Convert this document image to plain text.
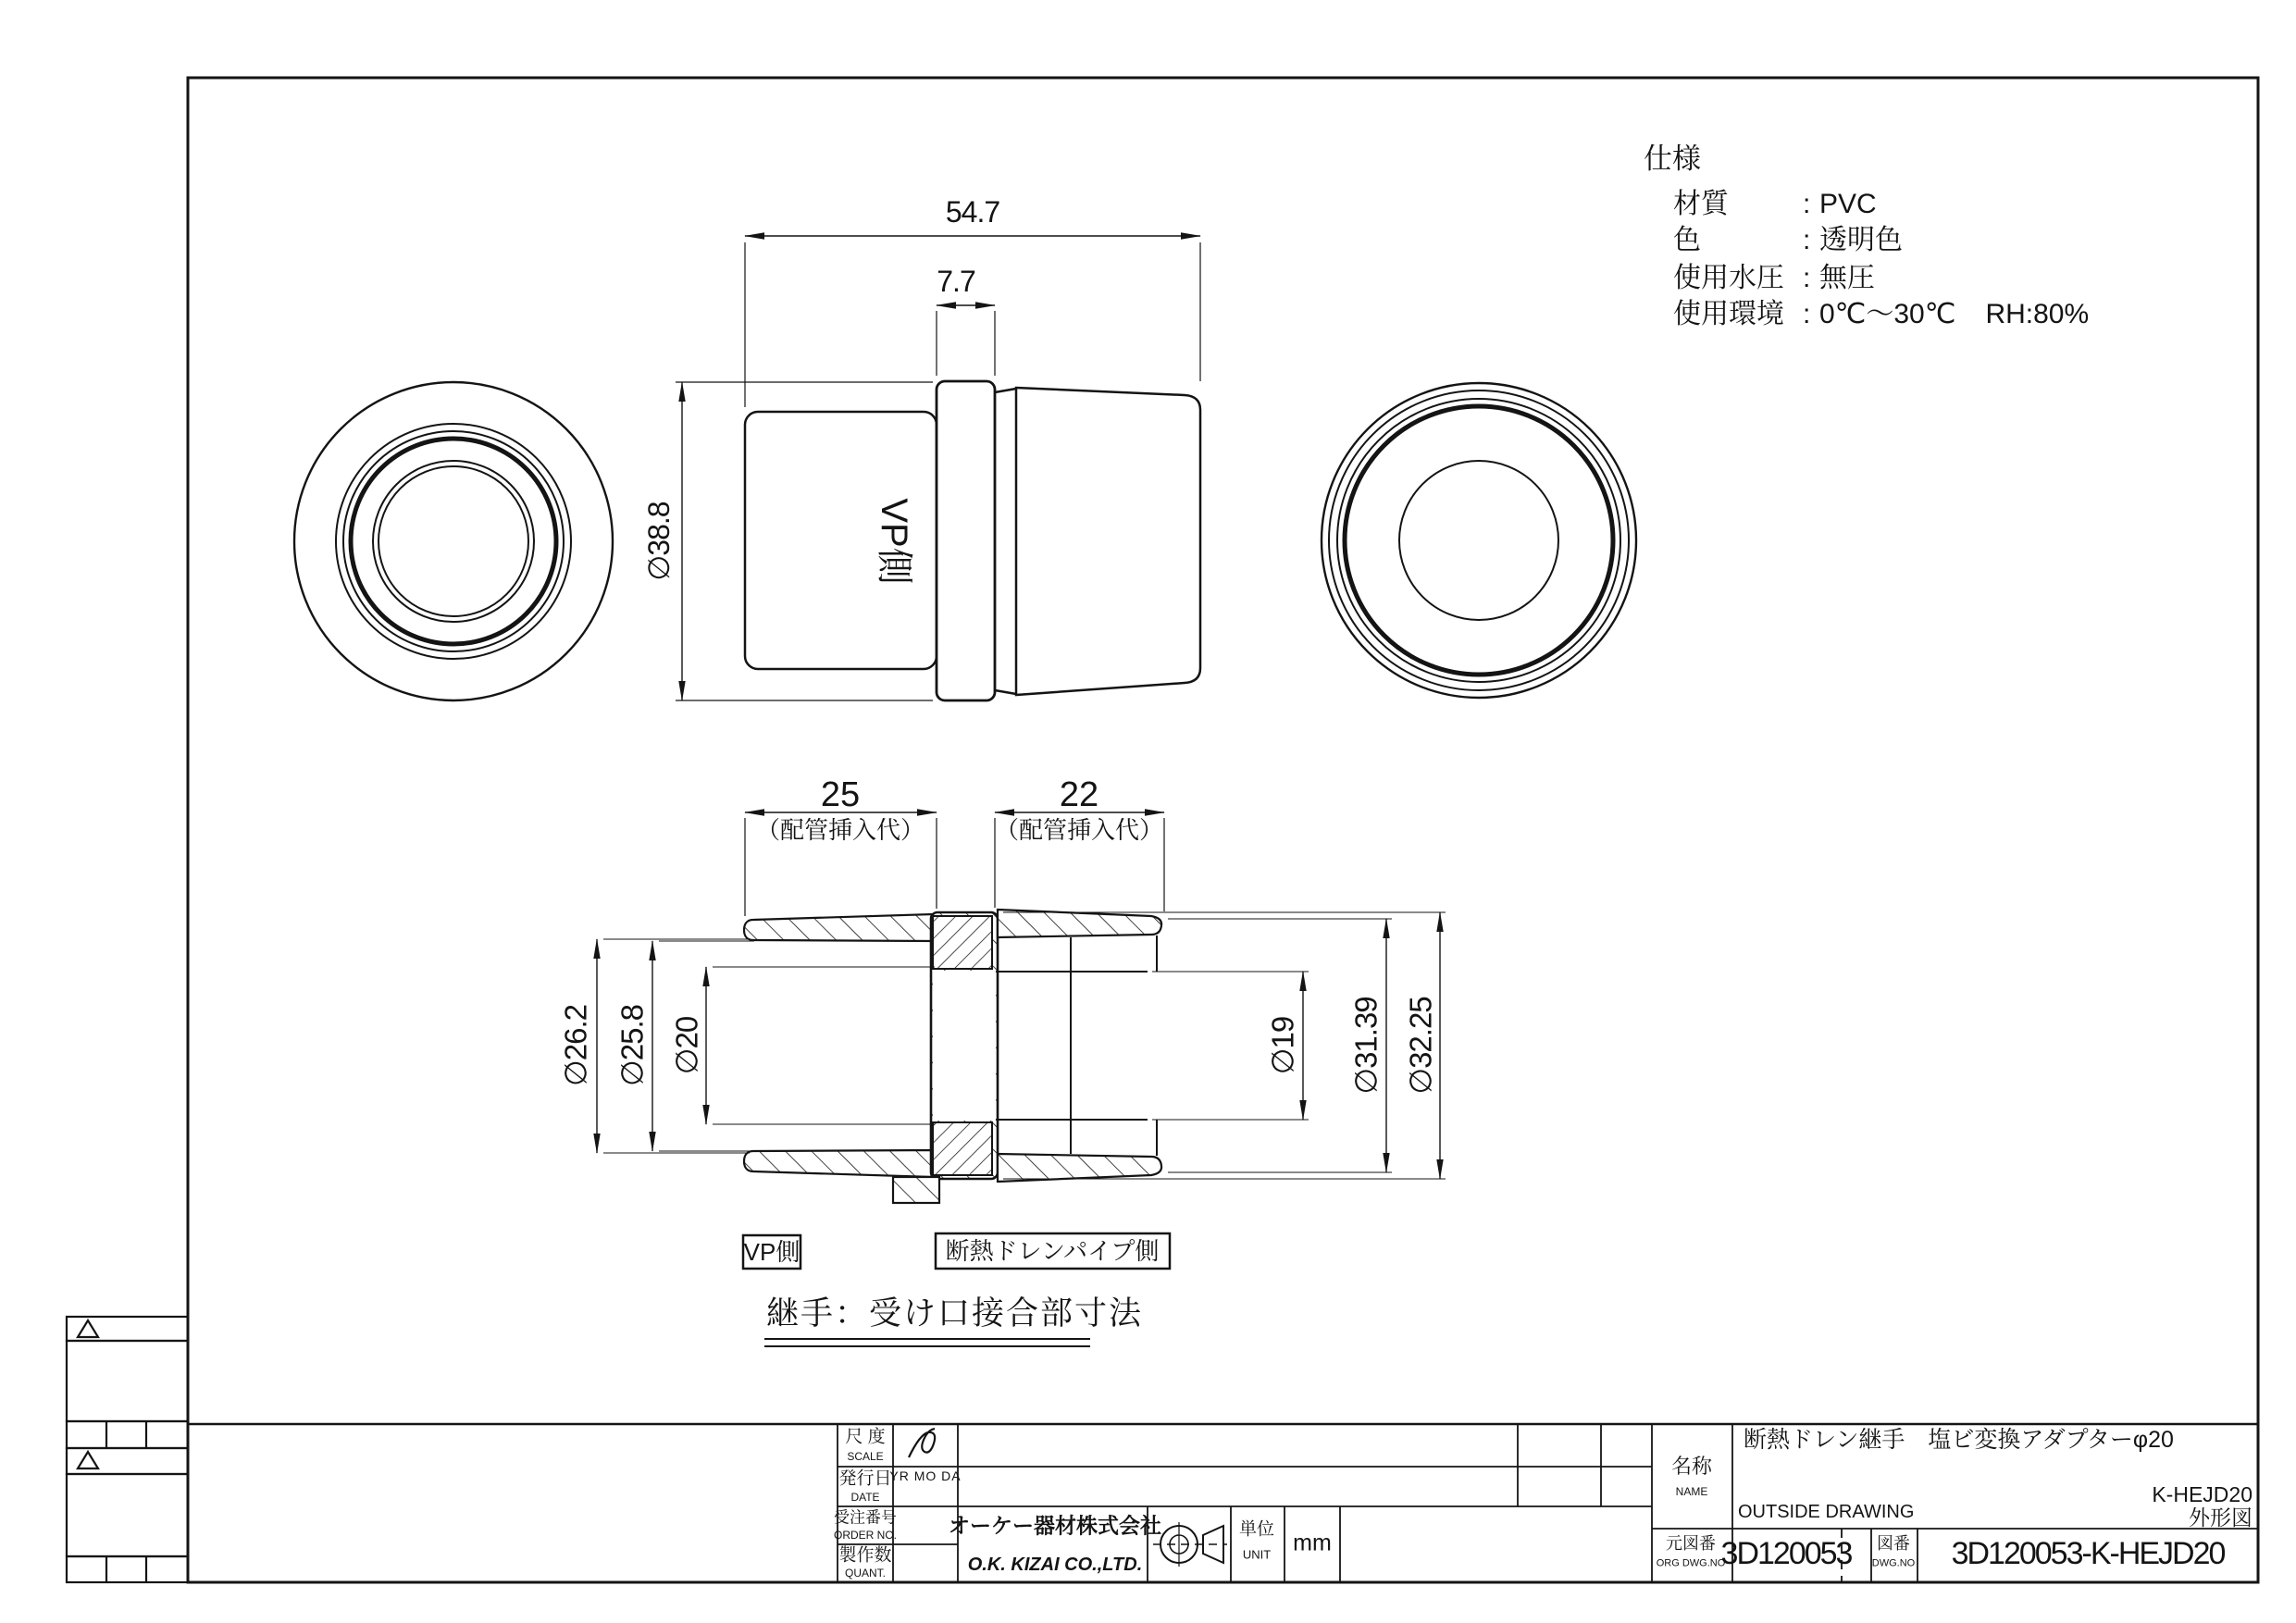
仕様
材質	: PVC
色	: 透明色
使用水圧 : 無圧
使用環境 : 0℃〜30℃ RH:80%
54.7
7.7
∅38.8	VP側
25
（配管挿入代）
22
（配管挿入代）
∅26.2 ∅25.8 ∅20	∅19 ∅31.39 ∅32.25
VP側	断熱ドレンパイプ側
継手：受け口接合部寸法
尺 度
SCALE
発行日
DATE
YR MO DA
受注番号
ORDER NO.
製作数
QUANT.
オーケー器材株式会社
O.K. KIZAI CO.,LTD.
単位
UNIT mm
名称
NAME
断熱ドレン継手　塩ビ変換アダプターφ20
OUTSIDE DRAWING
K-HEJD20
外形図
元図番
ORG DWG.NO
3D120053 図番
DWG.NO 3D120053-K-HEJD20
